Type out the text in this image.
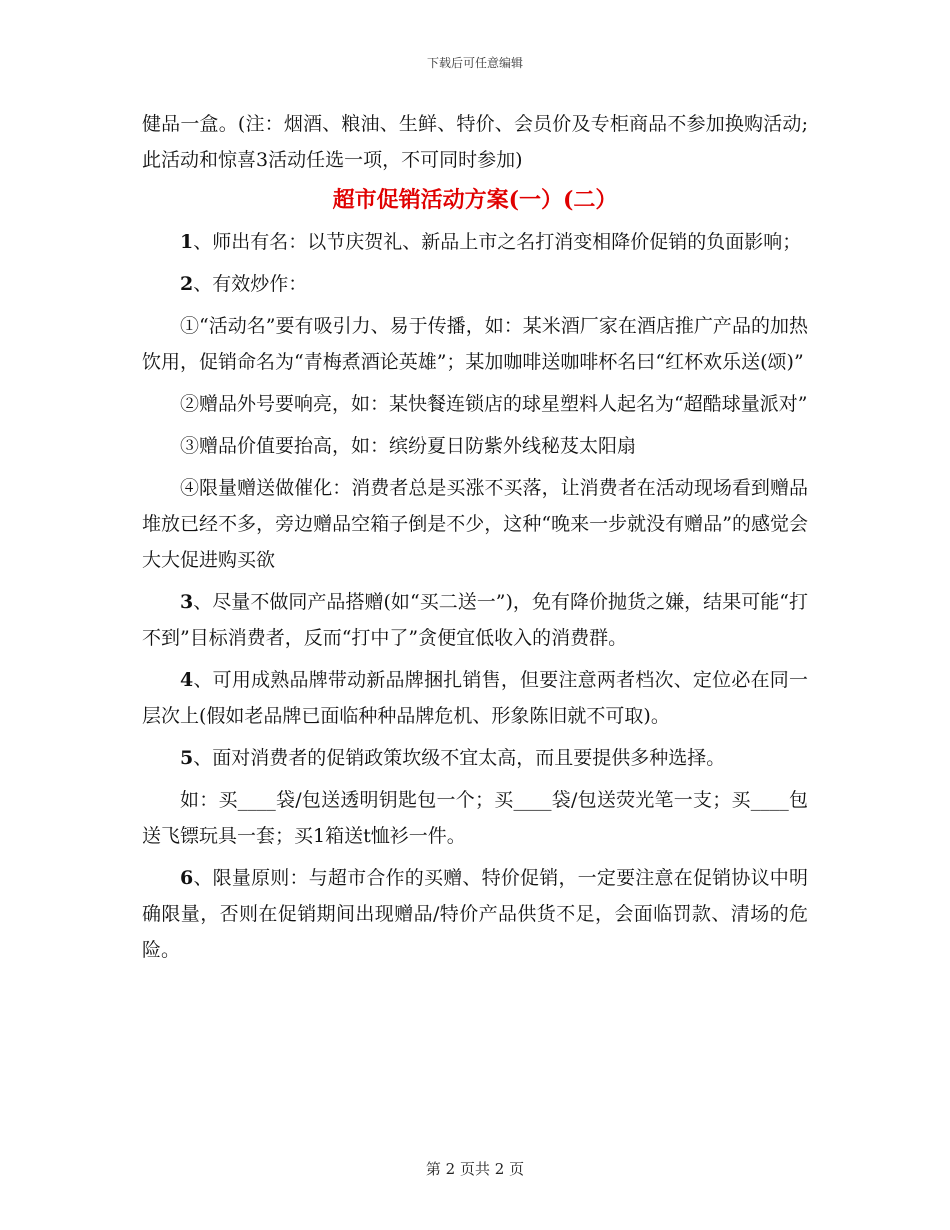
下载后可任意编辑

健品一盒。(注：烟酒、粮油、生鲜、特价、会员价及专柜商品不参加换购活动;此活动和惊喜3活动任选一项，不可同时参加)

超市促销活动方案(一）(二）

1、师出有名：以节庆贺礼、新品上市之名打消变相降价促销的负面影响；

2、有效炒作：

①“活动名”要有吸引力、易于传播，如：某米酒厂家在酒店推广产品的加热饮用，促销命名为“青梅煮酒论英雄”；某加咖啡送咖啡杯名曰“红杯欢乐送(颂)”

②赠品外号要响亮，如：某快餐连锁店的球星塑料人起名为“超酷球量派对”

③赠品价值要抬高，如：缤纷夏日防紫外线秘芨太阳扇

④限量赠送做催化：消费者总是买涨不买落，让消费者在活动现场看到赠品堆放已经不多，旁边赠品空箱子倒是不少，这种“晚来一步就没有赠品”的感觉会大大促进购买欲

3、尽量不做同产品搭赠(如“买二送一”)，免有降价抛货之嫌，结果可能“打不到”目标消费者，反而“打中了”贪便宜低收入的消费群。

4、可用成熟品牌带动新品牌捆扎销售，但要注意两者档次、定位必在同一层次上(假如老品牌已面临种种品牌危机、形象陈旧就不可取)。

5、面对消费者的促销政策坎级不宜太高，而且要提供多种选择。

如：买____袋/包送透明钥匙包一个；买____袋/包送荧光笔一支；买____包送飞镖玩具一套；买1箱送t恤衫一件。

6、限量原则：与超市合作的买赠、特价促销，一定要注意在促销协议中明确限量，否则在促销期间出现赠品/特价产品供货不足，会面临罚款、清场的危险。

第 2 页共 2 页
